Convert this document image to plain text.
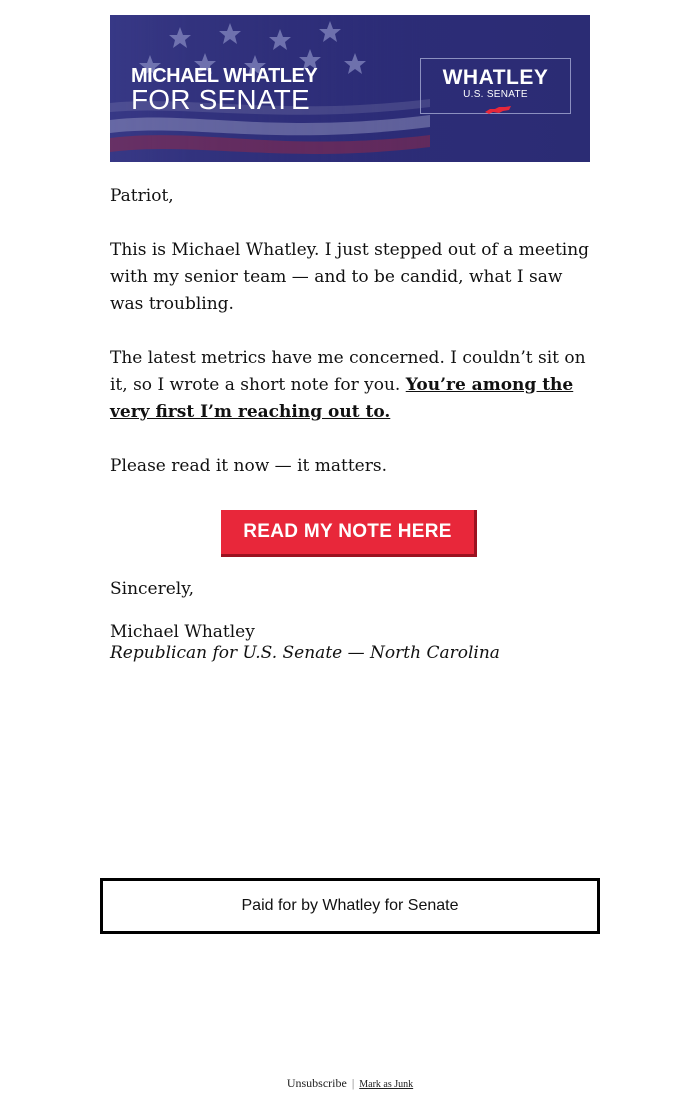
MICHAEL WHATLEY
FOR SENATE
WHATLEY
U.S. SENATE

Patriot,

This is Michael Whatley. I just stepped out of a meeting with my senior team — and to be candid, what I saw was troubling.

The latest metrics have me concerned. I couldn’t sit on it, so I wrote a short note for you. You’re among the very first I’m reaching out to.

Please read it now — it matters.

READ MY NOTE HERE
Sincerely,
Michael Whatley
Republican for U.S. Senate — North Carolina
Paid for by Whatley for Senate
Unsubscribe | Mark as Junk
